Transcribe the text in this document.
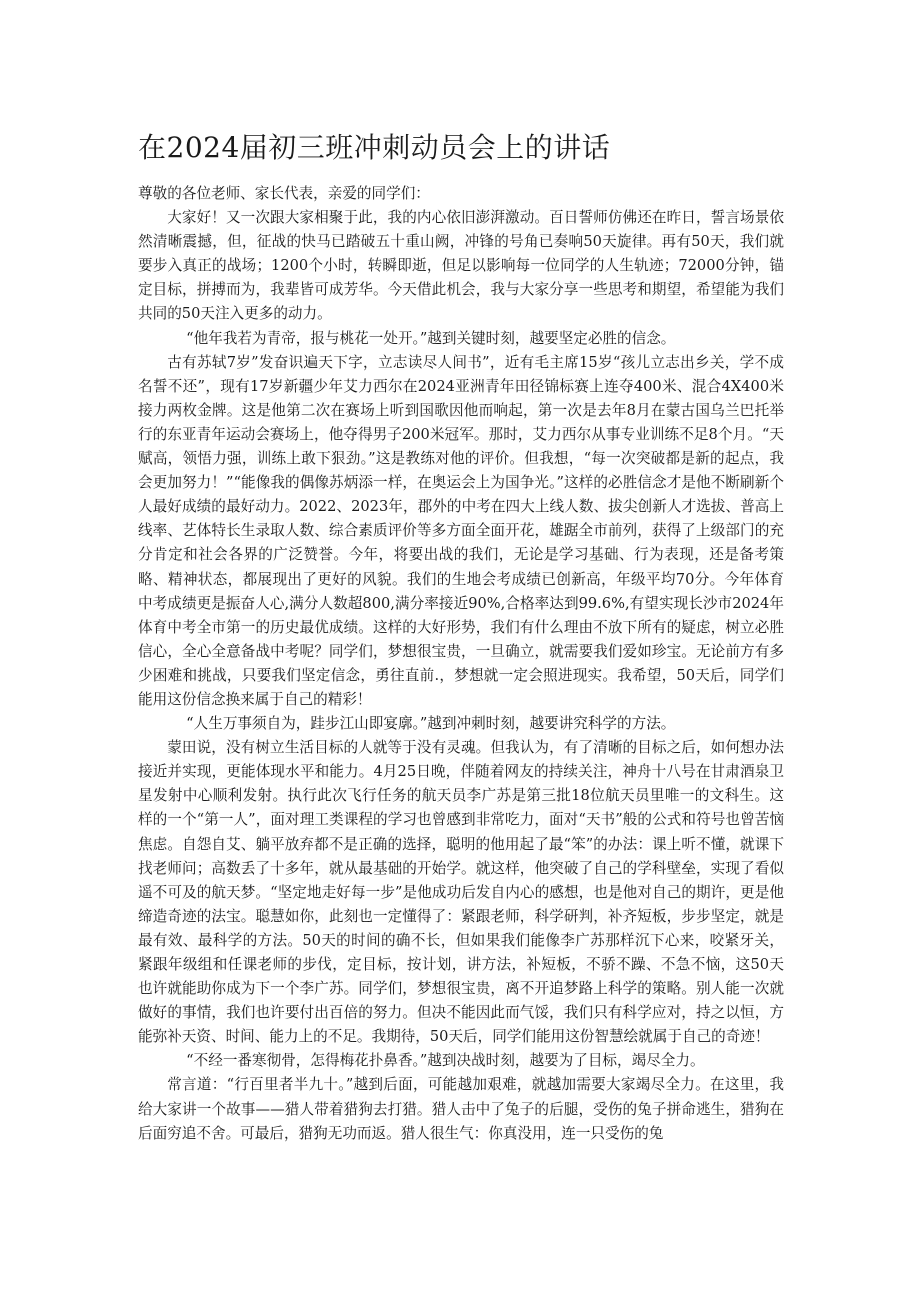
在2024届初三班冲刺动员会上的讲话

尊敬的各位老师、家长代表，亲爱的同学们：

大家好！又一次跟大家相聚于此，我的内心依旧澎湃激动。百日誓师仿佛还在昨日，誓言场景依然清晰震撼，但，征战的快马已踏破五十重山阙，冲锋的号角已奏响50天旋律。再有50天，我们就要步入真正的战场；1200个小时，转瞬即逝，但足以影响每一位同学的人生轨迹；72000分钟，锚定目标，拼搏而为，我辈皆可成芳华。今天借此机会，我与大家分享一些思考和期望，希望能为我们共同的50天注入更多的动力。

“他年我若为青帝，报与桃花一处开。”越到关键时刻，越要坚定必胜的信念。

古有苏轼7岁”发奋识遍天下字，立志读尽人间书”，近有毛主席15岁“孩儿立志出乡关，学不成名誓不还”，现有17岁新疆少年艾力西尔在2024亚洲青年田径锦标赛上连夺400米、混合4X400米接力两枚金牌。这是他第二次在赛场上听到国歌因他而响起，第一次是去年8月在蒙古国乌兰巴托举行的东亚青年运动会赛场上，他夺得男子200米冠军。那时，艾力西尔从事专业训练不足8个月。“天赋高，领悟力强，训练上敢下狠劲。”这是教练对他的评价。但我想，“每一次突破都是新的起点，我会更加努力！”“能像我的偶像苏炳添一样，在奥运会上为国争光。”这样的必胜信念才是他不断刷新个人最好成绩的最好动力。2022、2023年，郡外的中考在四大上线人数、拔尖创新人才选拔、普高上线率、艺体特长生录取人数、综合素质评价等多方面全面开花，雄踞全市前列，获得了上级部门的充分肯定和社会各界的广泛赞誉。今年，将要出战的我们，无论是学习基础、行为表现，还是备考策略、精神状态，都展现出了更好的风貌。我们的生地会考成绩已创新高，年级平均70分。今年体育中考成绩更是振奋人心,满分人数超800,满分率接近90%,合格率达到99.6%,有望实现长沙市2024年体育中考全市第一的历史最优成绩。这样的大好形势，我们有什么理由不放下所有的疑虑，树立必胜信心，全心全意备战中考呢？同学们，梦想很宝贵，一旦确立，就需要我们爱如珍宝。无论前方有多少困难和挑战，只要我们坚定信念，勇往直前.，梦想就一定会照进现实。我希望，50天后，同学们能用这份信念换来属于自己的精彩！

“人生万事须自为，跬步江山即宴廓。”越到冲刺时刻，越要讲究科学的方法。

蒙田说，没有树立生活目标的人就等于没有灵魂。但我认为，有了清晰的目标之后，如何想办法接近并实现，更能体现水平和能力。4月25日晚，伴随着网友的持续关注，神舟十八号在甘肃酒泉卫星发射中心顺利发射。执行此次飞行任务的航天员李广苏是第三批18位航天员里唯一的文科生。这样的一个“第一人”，面对理工类课程的学习也曾感到非常吃力，面对“天书”般的公式和符号也曾苦恼焦虑。自怨自艾、躺平放弃都不是正确的选择，聪明的他用起了最“笨”的办法：课上听不懂，就课下找老师问；高数丢了十多年，就从最基础的开始学。就这样，他突破了自己的学科壁垒，实现了看似遥不可及的航天梦。“坚定地走好每一步”是他成功后发自内心的感想，也是他对自己的期许，更是他缔造奇迹的法宝。聪慧如你，此刻也一定懂得了：紧跟老师，科学研判，补齐短板，步步坚定，就是最有效、最科学的方法。50天的时间的确不长，但如果我们能像李广苏那样沉下心来，咬紧牙关，紧跟年级组和任课老师的步伐，定目标，按计划，讲方法，补短板，不骄不躁、不急不恼，这50天也许就能助你成为下一个李广苏。同学们，梦想很宝贵，离不开追梦路上科学的策略。别人能一次就做好的事情，我们也许要付出百倍的努力。但决不能因此而气馁，我们只有科学应对，持之以恒，方能弥补天资、时间、能力上的不足。我期待，50天后，同学们能用这份智慧绘就属于自己的奇迹！

“不经一番寒彻骨，怎得梅花扑鼻香。”越到决战时刻，越要为了目标，竭尽全力。

常言道：“行百里者半九十。”越到后面，可能越加艰难，就越加需要大家竭尽全力。在这里，我给大家讲一个故事——猎人带着猎狗去打猎。猎人击中了兔子的后腿，受伤的兔子拼命逃生，猎狗在后面穷追不舍。可最后，猎狗无功而返。猎人很生气：你真没用，连一只受伤的兔
